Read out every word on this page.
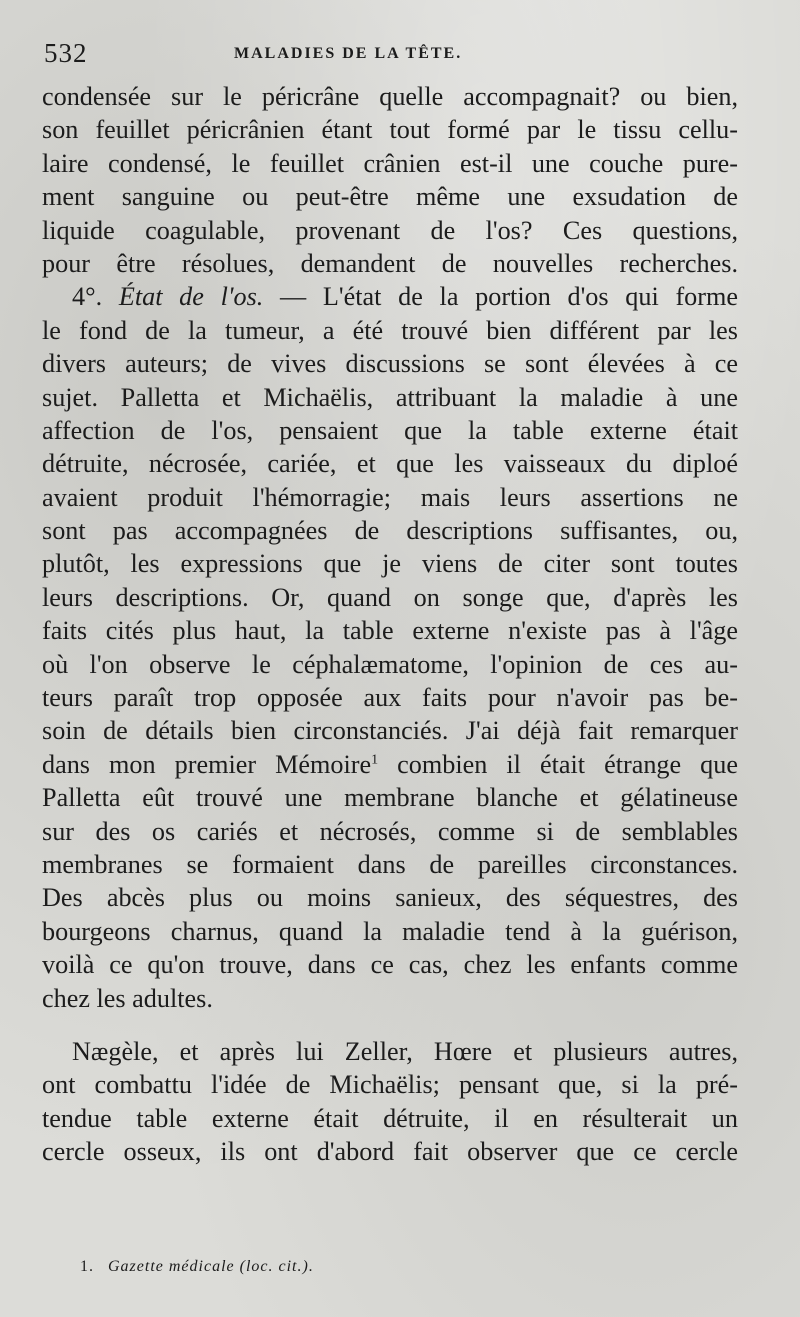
532	MALADIES DE LA TÊTE.
condensée sur le péricrâne quelle accompagnait? ou bien,
son feuillet péricrânien étant tout formé par le tissu cellu-
laire condensé, le feuillet crânien est-il une couche pure-
ment sanguine ou peut-être même une exsudation de
liquide coagulable, provenant de l'os? Ces questions,
pour être résolues, demandent de nouvelles recherches.
4°. État de l'os. — L'état de la portion d'os qui forme
le fond de la tumeur, a été trouvé bien différent par les
divers auteurs; de vives discussions se sont élevées à ce
sujet. Palletta et Michaëlis, attribuant la maladie à une
affection de l'os, pensaient que la table externe était
détruite, nécrosée, cariée, et que les vaisseaux du diploé
avaient produit l'hémorragie; mais leurs assertions ne
sont pas accompagnées de descriptions suffisantes, ou,
plutôt, les expressions que je viens de citer sont toutes
leurs descriptions. Or, quand on songe que, d'après les
faits cités plus haut, la table externe n'existe pas à l'âge
où l'on observe le céphalæmatome, l'opinion de ces au-
teurs paraît trop opposée aux faits pour n'avoir pas be-
soin de détails bien circonstanciés. J'ai déjà fait remarquer
dans mon premier Mémoire$^1$ combien il était étrange que
Palletta eût trouvé une membrane blanche et gélatineuse
sur des os cariés et nécrosés, comme si de semblables
membranes se formaient dans de pareilles circonstances.
Des abcès plus ou moins sanieux, des séquestres, des
bourgeons charnus, quand la maladie tend à la guérison,
voilà ce qu'on trouve, dans ce cas, chez les enfants comme
chez les adultes.
Nægèle, et après lui Zeller, Hœre et plusieurs autres,
ont combattu l'idée de Michaëlis; pensant que, si la pré-
tendue table externe était détruite, il en résulterait un
cercle osseux, ils ont d'abord fait observer que ce cercle
1. Gazette médicale (loc. cit.).
